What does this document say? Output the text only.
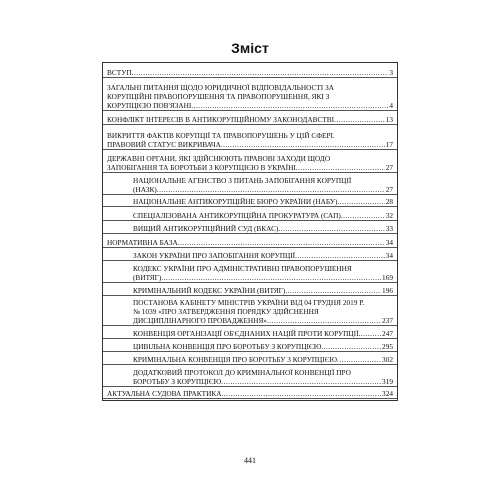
Зміст
ВСТУП .....	3
ЗАГАЛЬНІ ПИТАННЯ ЩОДО ЮРИДИЧНОЇ ВІДПОВІДАЛЬНОСТІ ЗА
КОРУПЦІЙНІ ПРАВОПОРУШЕННЯ ТА ПРАВОПОРУШЕННЯ, ЯКІ З
КОРУПЦІЄЮ ПОВ'ЯЗАНІ .....	4
КОНФЛІКТ ІНТЕРЕСІВ В АНТИКОРУПЦІЙНОМУ ЗАКОНОДАВСТВІ .....	13
ВИКРИТТЯ ФАКТІВ КОРУПЦІЇ ТА ПРАВОПОРУШЕНЬ У ЦІЙ СФЕРІ.
ПРАВОВИЙ СТАТУС ВИКРИВАЧА .....	17
ДЕРЖАВНІ ОРГАНИ, ЯКІ ЗДІЙСНЮЮТЬ ПРАВОВІ ЗАХОДИ ЩОДО
ЗАПОБІГАННЯ ТА БОРОТЬБИ З КОРУПЦІЄЮ В УКРАЇНІ .....	27
НАЦІОНАЛЬНЕ АГЕНСТВО З ПИТАНЬ ЗАПОБІГАННЯ КОРУПЦІЇ
(НАЗК) .....	27
НАЦІОНАЛЬНЕ АНТИКОРУПЦІЙНЕ БЮРО УКРАЇНИ (НАБУ) .....	28
СПЕЦІАЛІЗОВАНА АНТИКОРУПЦІЙНА ПРОКУРАТУРА (САП) .....	32
ВИЩИЙ АНТИКОРУПЦІЙНИЙ СУД (ВКАС) .....	33
НОРМАТИВНА БАЗА .....	34
ЗАКОН УКРАЇНИ ПРО ЗАПОБІГАННЯ КОРУПЦІЇ .....	34
КОДЕКС УКРАЇНИ ПРО АДМІНІСТРАТИВНІ ПРАВОПОРУШЕННЯ
(ВИТЯГ) .....	169
КРИМІНАЛЬНИЙ КОДЕКС УКРАЇНИ (ВИТЯГ) .....	196
ПОСТАНОВА КАБІНЕТУ МІНІСТРІВ УКРАЇНИ ВІД 04 ГРУДНЯ 2019 Р.
№ 1039 «ПРО ЗАТВЕРДЖЕННЯ ПОРЯДКУ ЗДІЙСНЕННЯ
ДИСЦИПЛІНАРНОГО ПРОВАДЖЕННЯ» .....	237
КОНВЕНЦІЯ ОРГАНІЗАЦІЇ ОБ'ЄДНАНИХ НАЦІЙ ПРОТИ КОРУПЦІЇ .....	247
ЦИВІЛЬНА КОНВЕНЦІЯ ПРО БОРОТЬБУ З КОРУПЦІЄЮ .....	295
КРИМІНАЛЬНА КОНВЕНЦІЯ ПРО БОРОТЬБУ З КОРУПЦІЄЮ .....	302
ДОДАТКОВИЙ ПРОТОКОЛ ДО КРИМІНАЛЬНОЇ КОНВЕНЦІЇ ПРО
БОРОТЬБУ З КОРУПЦІЄЮ .....	319
АКТУАЛЬНА СУДОВА ПРАКТИКА .....	324
441
